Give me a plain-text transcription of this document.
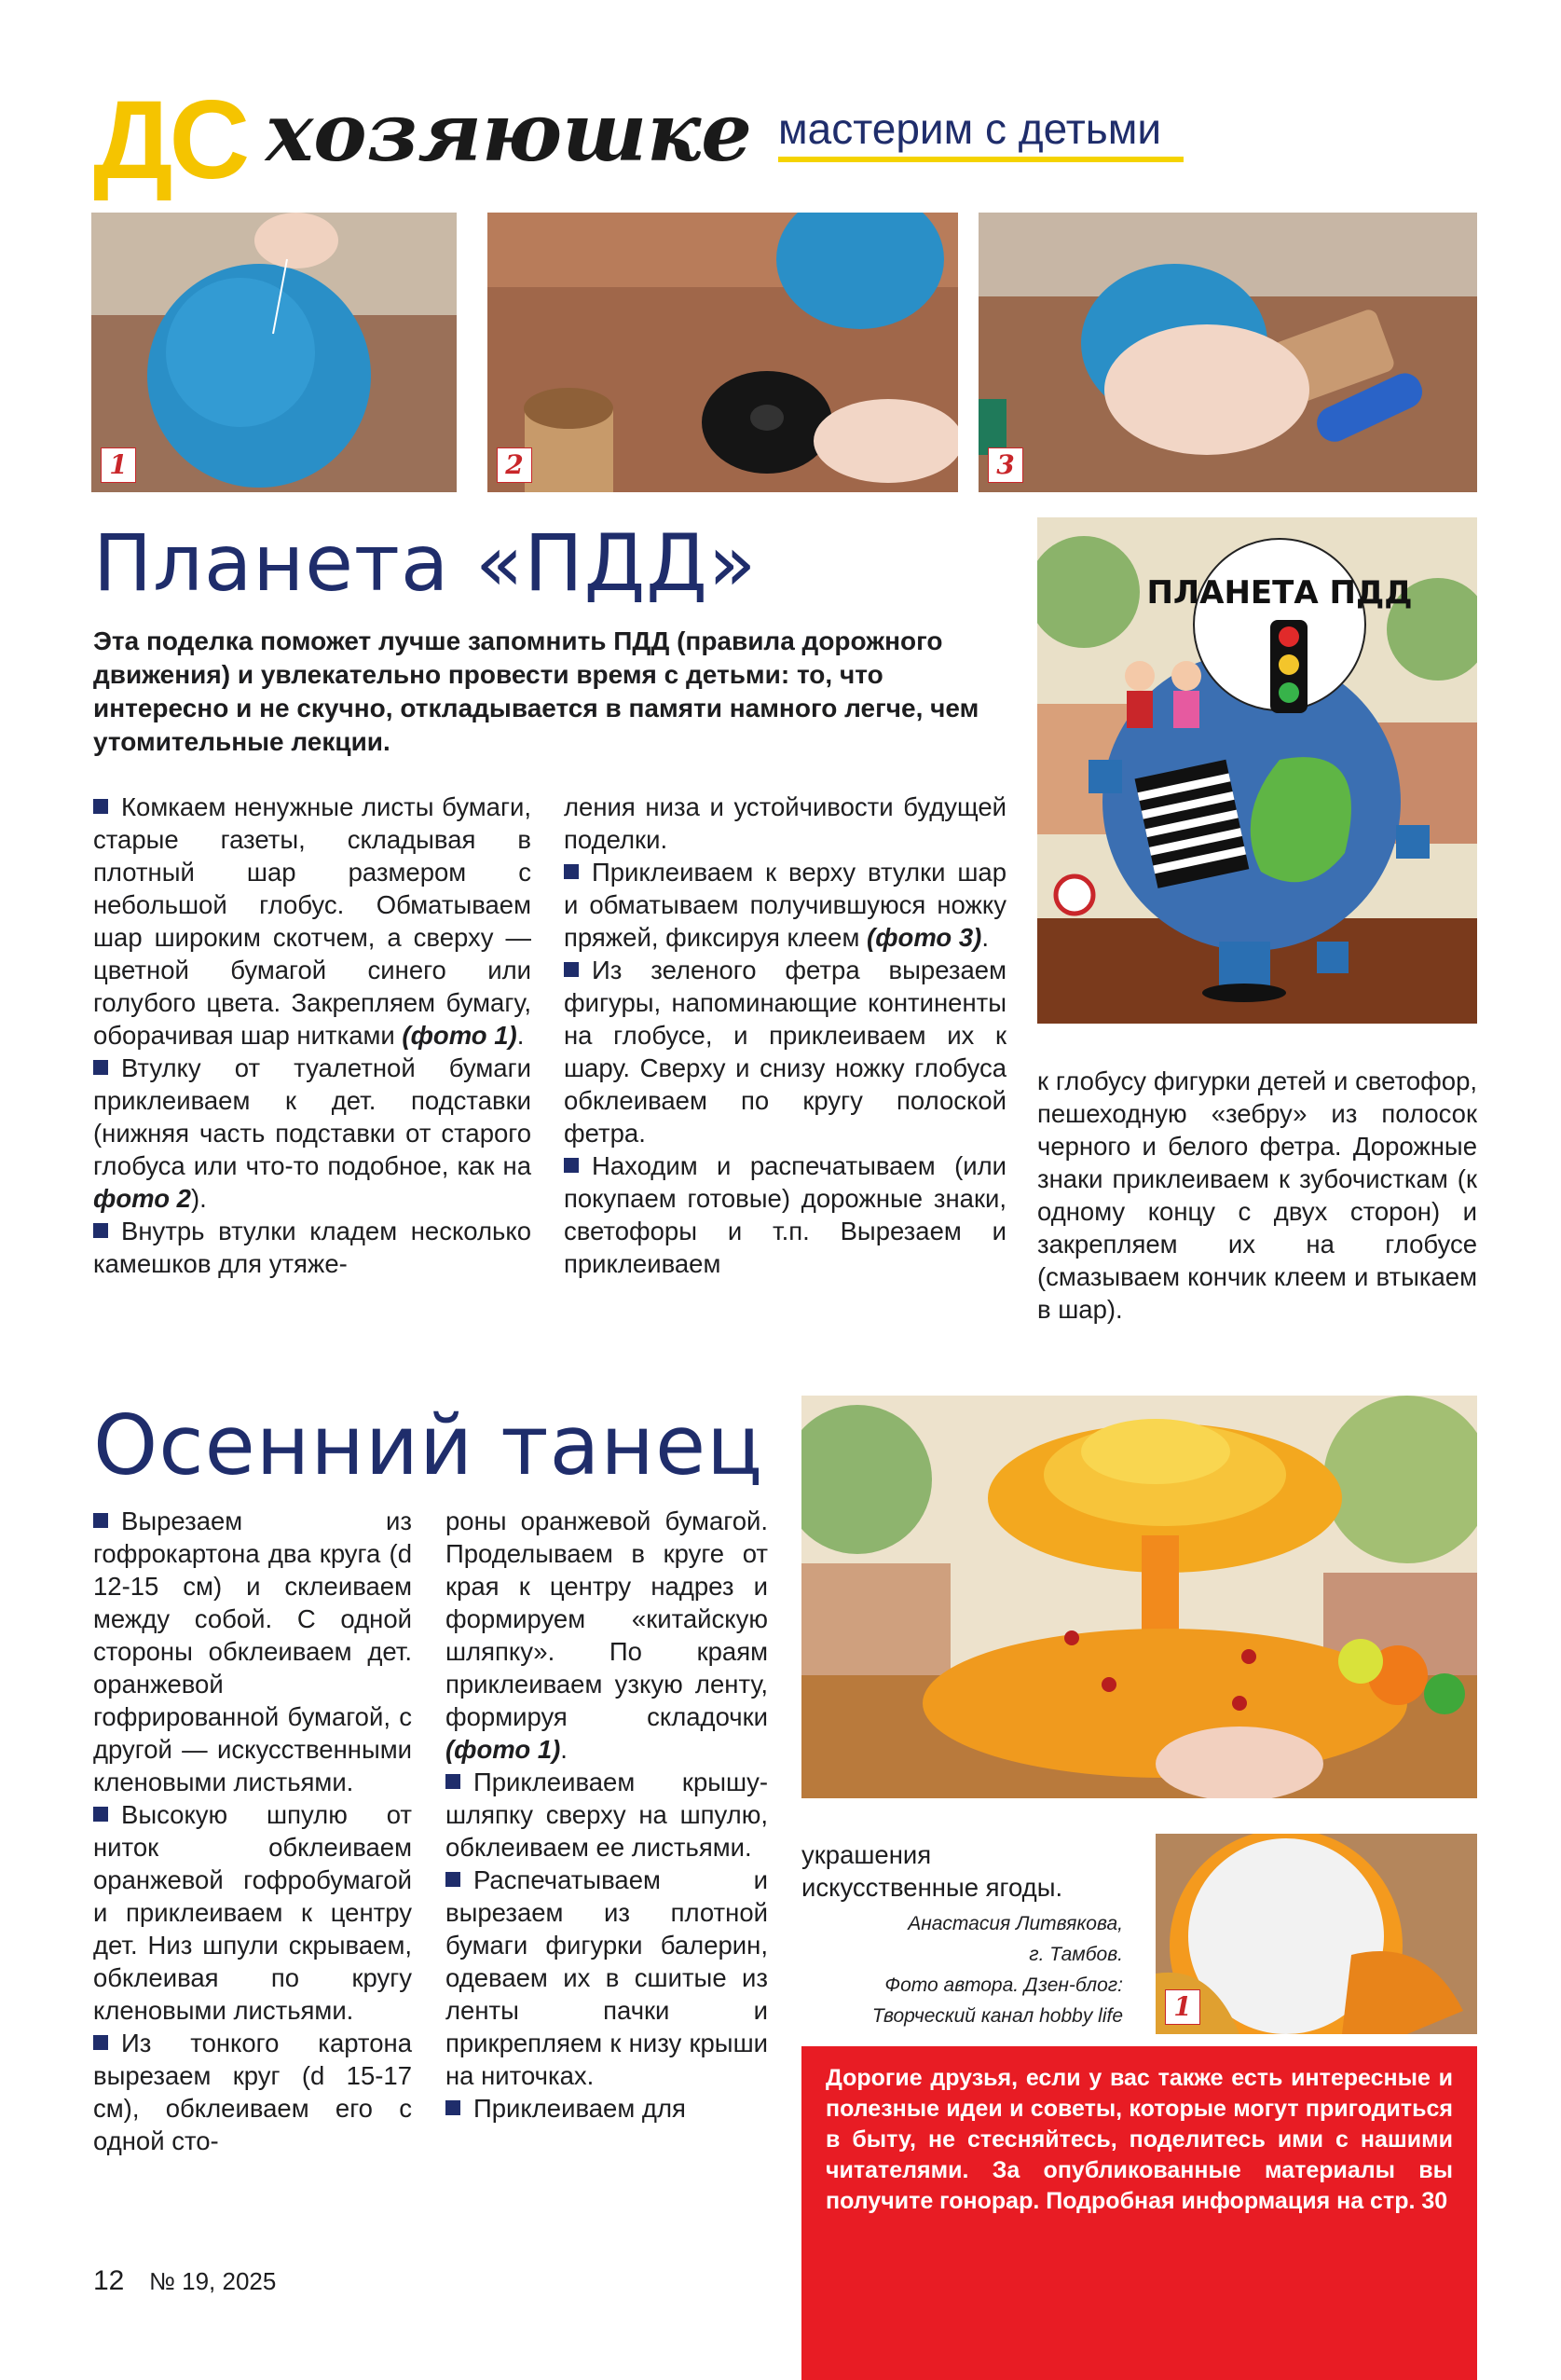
ДС хозяюшке мастерим с детьми
1	2	3
Планета «ПДД»
Эта поделка поможет лучше запомнить ПДД (правила дорожного движения) и увлекательно провести время с детьми: то, что интересно и не скучно, откладывается в памяти намного легче, чем утомительные лекции.
ПЛАНЕТА ПДД

Комкаем ненужные листы бумаги, старые газеты, складывая в плотный шар размером с небольшой глобус. Обматываем шар широким скотчем, а сверху — цветной бумагой синего или голубого цвета. Закрепляем бумагу, оборачивая шар нитками (фото 1).

Втулку от туалетной бумаги приклеиваем к дет. подставки (нижняя часть подставки от старого глобуса или что-то подобное, как на фото 2).

Внутрь втулки кладем несколько камешков для утяже-

ления низа и устойчивости будущей поделки.

Приклеиваем к верху втулки шар и обматываем получившуюся ножку пряжей, фиксируя клеем (фото 3).

Из зеленого фетра вырезаем фигуры, напоминающие континенты на глобусе, и приклеиваем их к шару. Сверху и снизу ножку глобуса обклеиваем по кругу полоской фетра.

Находим и распечатываем (или покупаем готовые) дорожные знаки, светофоры и т.п. Вырезаем и приклеиваем

к глобусу фигурки детей и светофор, пешеходную «зебру» из полосок черного и белого фетра. Дорожные знаки приклеиваем к зубочисткам (к одному концу с двух сторон) и закрепляем их на глобусе (смазываем кончик клеем и втыкаем в шар).

Осенний танец

Вырезаем из гофрокартона два круга (d 12-15 см) и склеиваем между собой. С одной стороны обклеиваем дет. оранжевой гофрированной бумагой, с другой — искусственными кленовыми листьями.

Высокую шпулю от ниток обклеиваем оранжевой гофробумагой и приклеиваем к центру дет. Низ шпули скрываем, обклеивая по кругу кленовыми листьями.

Из тонкого картона вырезаем круг (d 15-17 см), обклеиваем его с одной сто-

роны оранжевой бумагой. Проделываем в круге от края к центру надрез и формируем «китайскую шляпку». По краям приклеиваем узкую ленту, формируя складочки (фото 1).

Приклеиваем крышу-шляпку сверху на шпулю, обклеиваем ее листьями.

Распечатываем и вырезаем из плотной бумаги фигурки балерин, одеваем их в сшитые из ленты пачки и прикрепляем к низу крыши на ниточках.

Приклеиваем для

украшения искусственные ягоды.

Анастасия Литвякова,
г. Тамбов.
Фото автора. Дзен-блог:
Творческий канал hobby life	1
Дорогие друзья, если у вас также есть интересные и полезные идеи и советы, которые могут пригодиться в быту, не стесняйтесь, поделитесь ими с нашими читателями. За опубликованные материалы вы получите гонорар. Подробная информация на стр. 30
12 № 19, 2025
